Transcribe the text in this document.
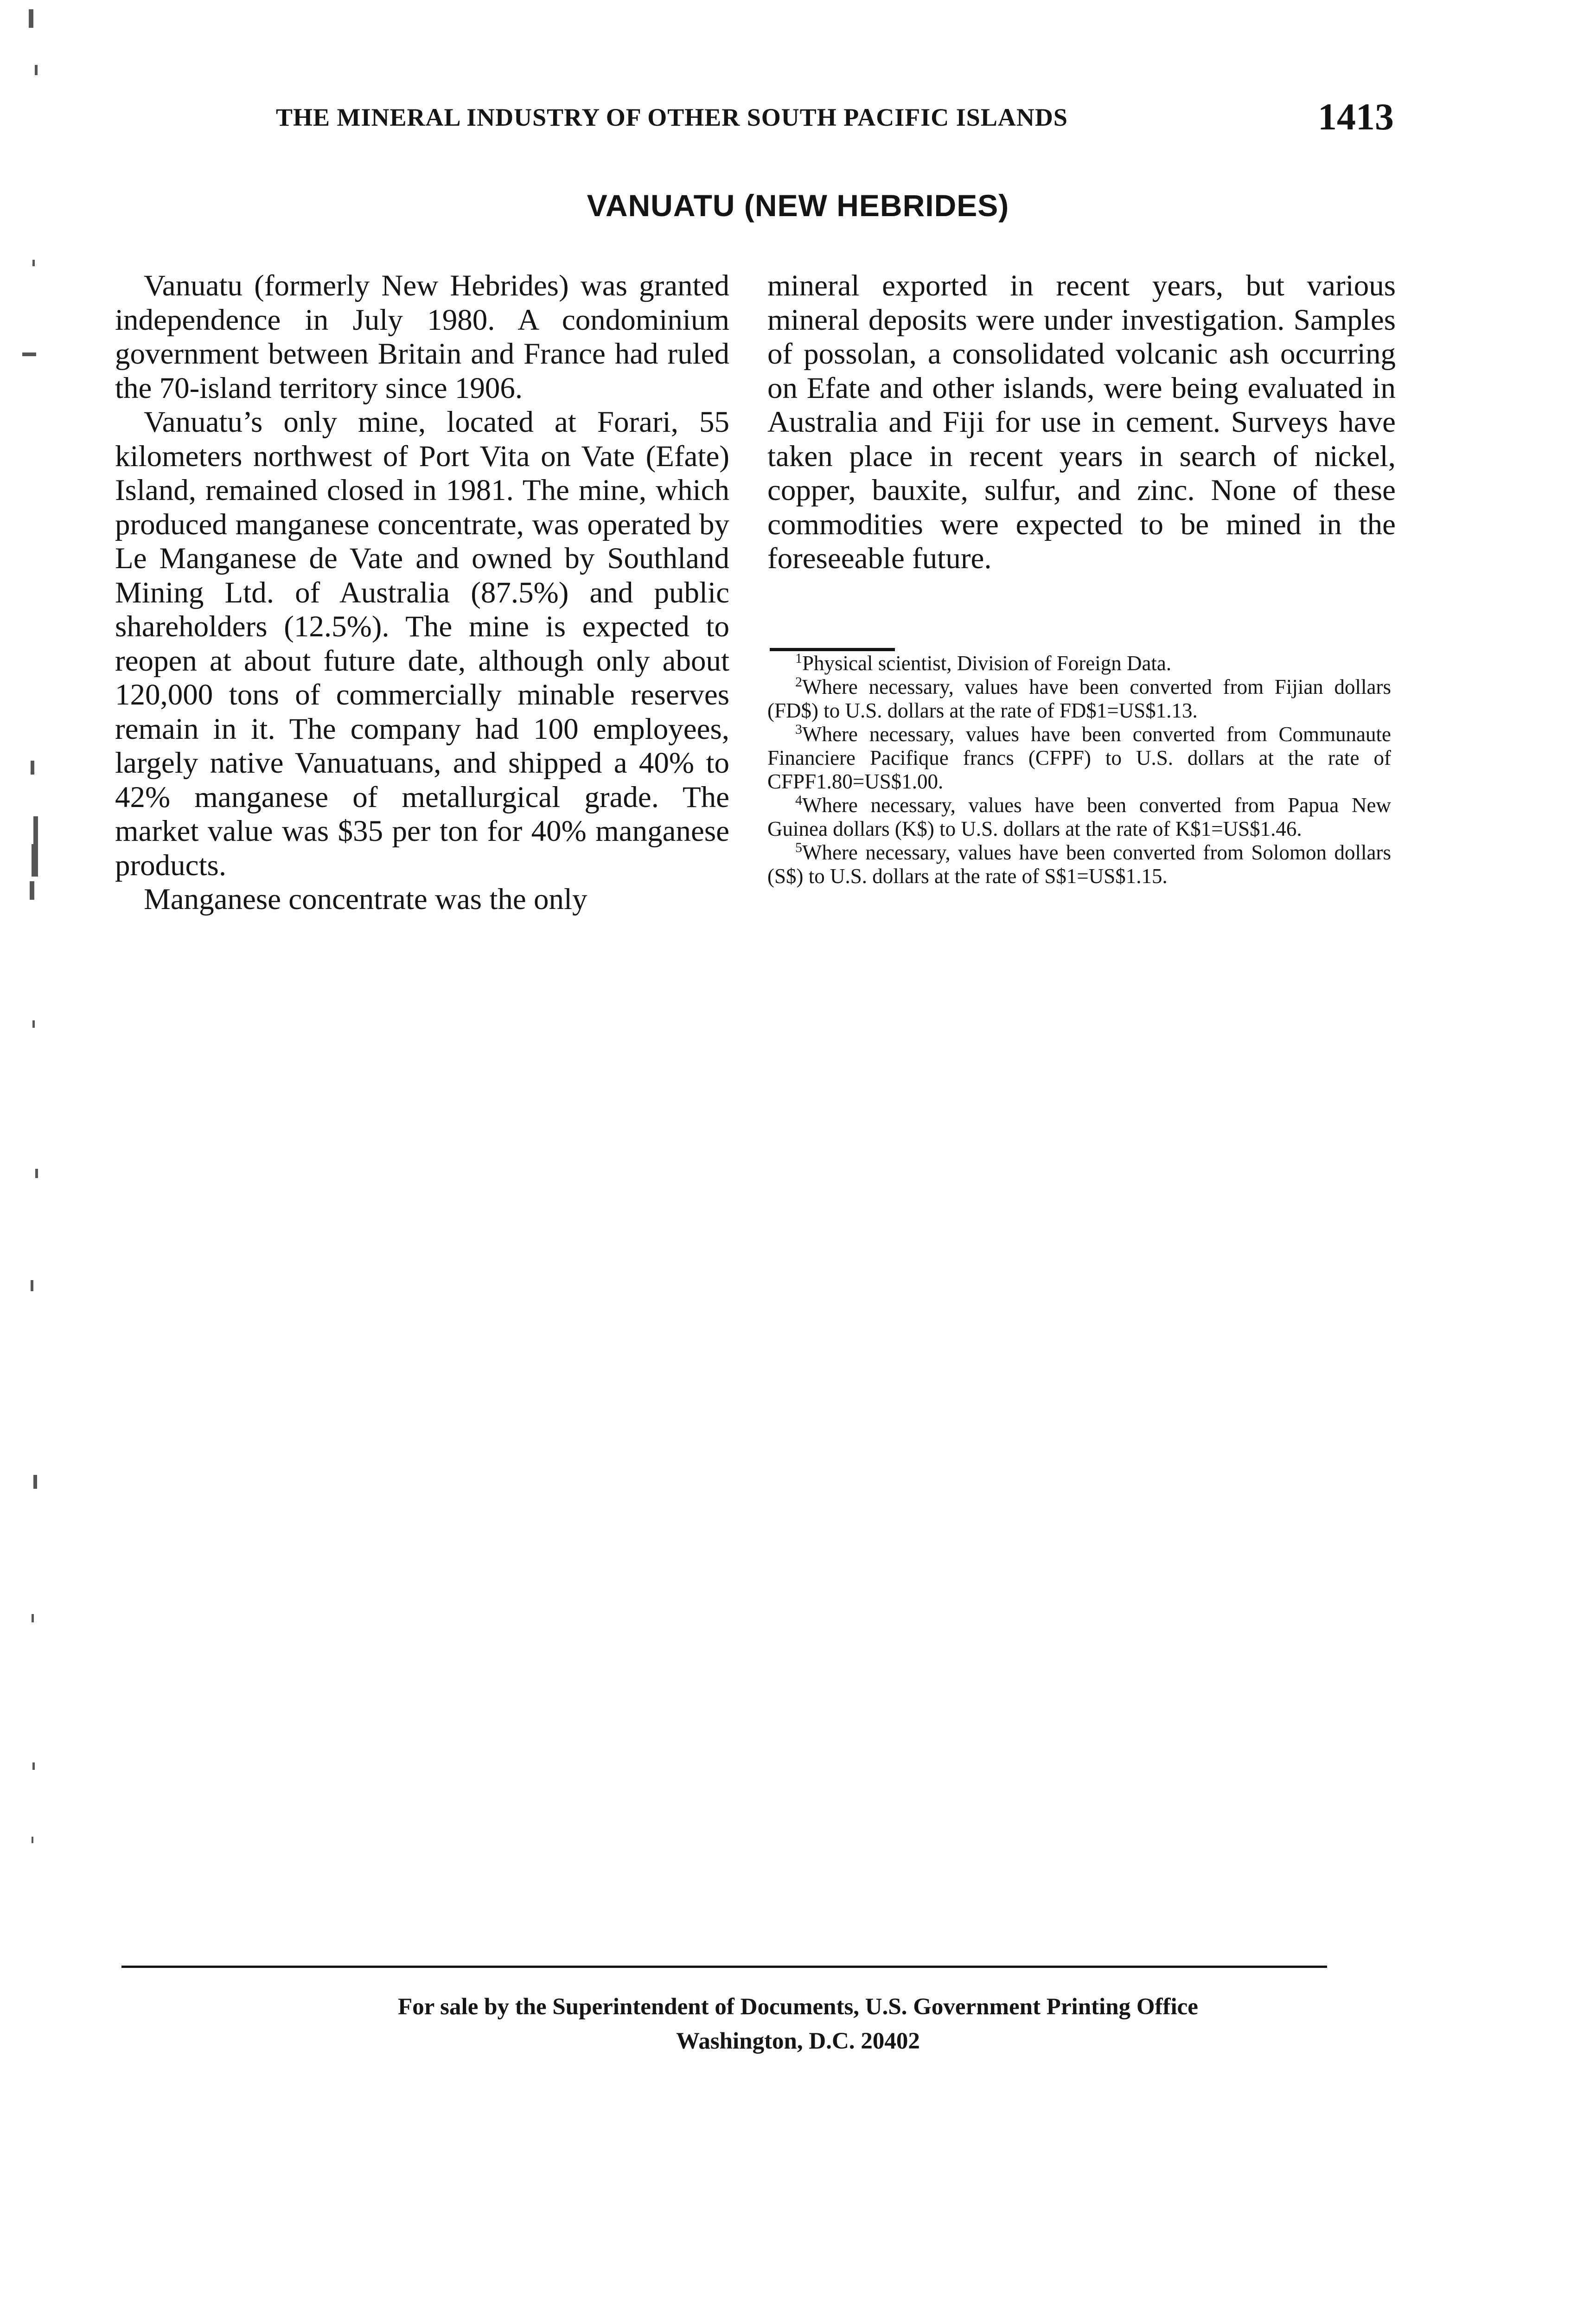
THE MINERAL INDUSTRY OF OTHER SOUTH PACIFIC ISLANDS	1413
VANUATU (NEW HEBRIDES)

Vanuatu (formerly New Hebrides) was granted independence in July 1980. A condominium government between Britain and France had ruled the 70-island territory since 1906.

Vanuatu’s only mine, located at Forari, 55 kilometers northwest of Port Vita on Vate (Efate) Island, remained closed in 1981. The mine, which produced manganese concentrate, was operated by Le Manganese de Vate and owned by Southland Mining Ltd. of Australia (87.5%) and public shareholders (12.5%). The mine is expected to reopen at about future date, although only about 120,000 tons of commercially minable reserves remain in it. The company had 100 employees, largely native Vanuatuans, and shipped a 40% to 42% manganese of metallurgical grade. The market value was $35 per ton for 40% manganese products.

Manganese concentrate was the only

mineral exported in recent years, but various mineral deposits were under investigation. Samples of possolan, a consolidated volcanic ash occurring on Efate and other islands, were being evaluated in Australia and Fiji for use in cement. Surveys have taken place in recent years in search of nickel, copper, bauxite, sulfur, and zinc. None of these commodities were expected to be mined in the foreseeable future.

$^1$Physical scientist, Division of Foreign Data.

$^2$Where necessary, values have been converted from Fijian dollars (FD$) to U.S. dollars at the rate of FD$1=US$1.13.

$^3$Where necessary, values have been converted from Communaute Financiere Pacifique francs (CFPF) to U.S. dollars at the rate of CFPF1.80=US$1.00.

$^4$Where necessary, values have been converted from Papua New Guinea dollars (K$) to U.S. dollars at the rate of K$1=US$1.46.

$^5$Where necessary, values have been converted from Solomon dollars (S$) to U.S. dollars at the rate of S$1=US$1.15.

For sale by the Superintendent of Documents, U.S. Government Printing Office
Washington, D.C. 20402
